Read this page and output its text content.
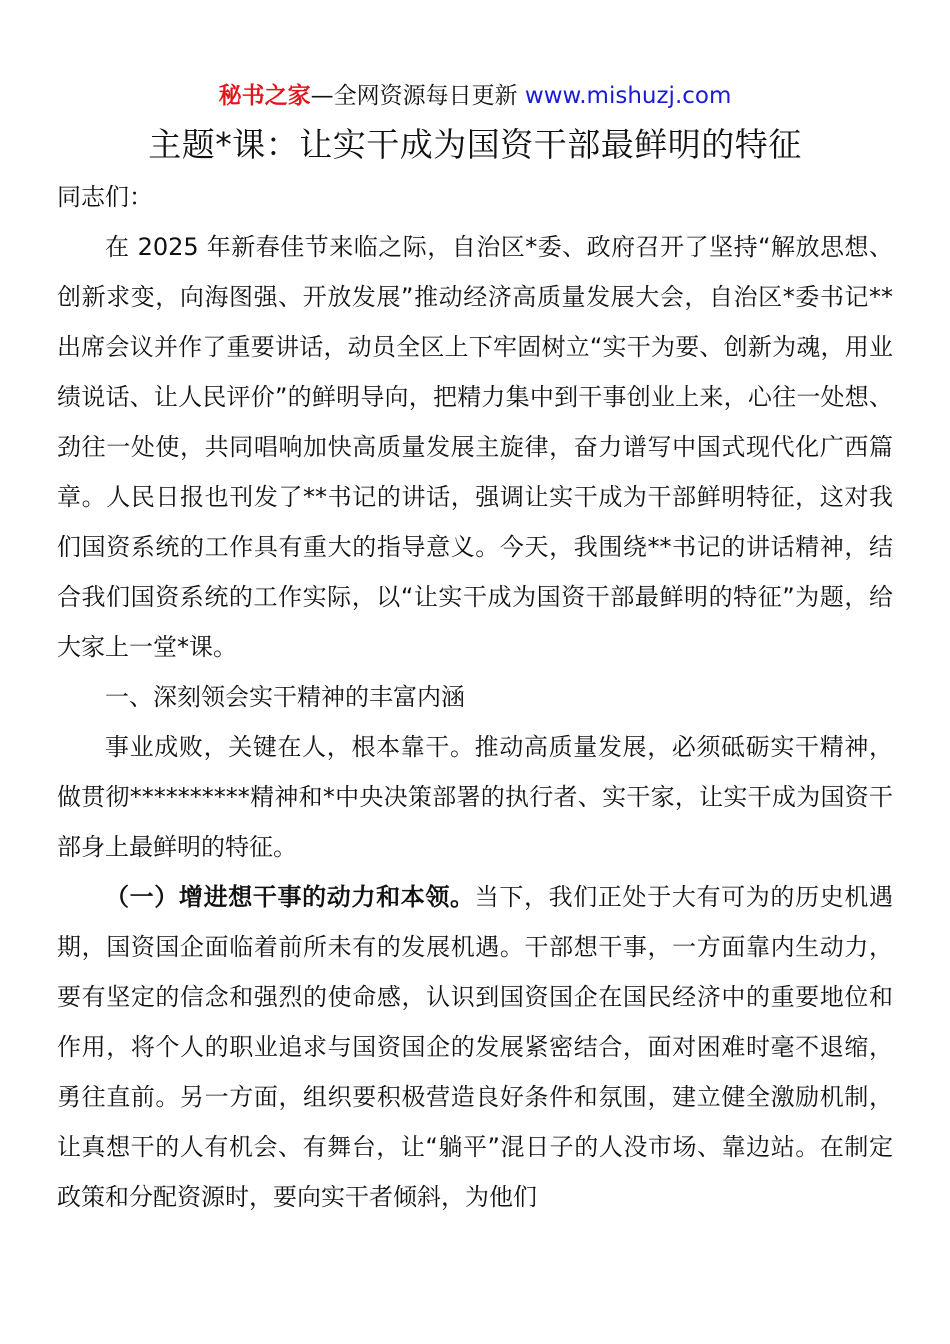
秘书之家—全网资源每日更新 www.mishuzj.com
主题*课：让实干成为国资干部最鲜明的特征

同志们：

在 2025 年新春佳节来临之际，自治区*委、政府召开了坚持“解放思想、创新求变，向海图强、开放发展”推动经济高质量发展大会，自治区*委书记**出席会议并作了重要讲话，动员全区上下牢固树立“实干为要、创新为魂，用业绩说话、让人民评价”的鲜明导向，把精力集中到干事创业上来，心往一处想、劲往一处使，共同唱响加快高质量发展主旋律，奋力谱写中国式现代化广西篇章。人民日报也刊发了**书记的讲话，强调让实干成为干部鲜明特征，这对我们国资系统的工作具有重大的指导意义。今天，我围绕**书记的讲话精神，结合我们国资系统的工作实际，以“让实干成为国资干部最鲜明的特征”为题，给大家上一堂*课。

一、深刻领会实干精神的丰富内涵

事业成败，关键在人，根本靠干。推动高质量发展，必须砥砺实干精神，做贯彻**********精神和*中央决策部署的执行者、实干家，让实干成为国资干部身上最鲜明的特征。

（一）增进想干事的动力和本领。当下，我们正处于大有可为的历史机遇期，国资国企面临着前所未有的发展机遇。干部想干事，一方面靠内生动力，要有坚定的信念和强烈的使命感，认识到国资国企在国民经济中的重要地位和作用，将个人的职业追求与国资国企的发展紧密结合，面对困难时毫不退缩，勇往直前。另一方面，组织要积极营造良好条件和氛围，建立健全激励机制，让真想干的人有机会、有舞台，让“躺平”混日子的人没市场、靠边站。在制定政策和分配资源时，要向实干者倾斜，为他们
